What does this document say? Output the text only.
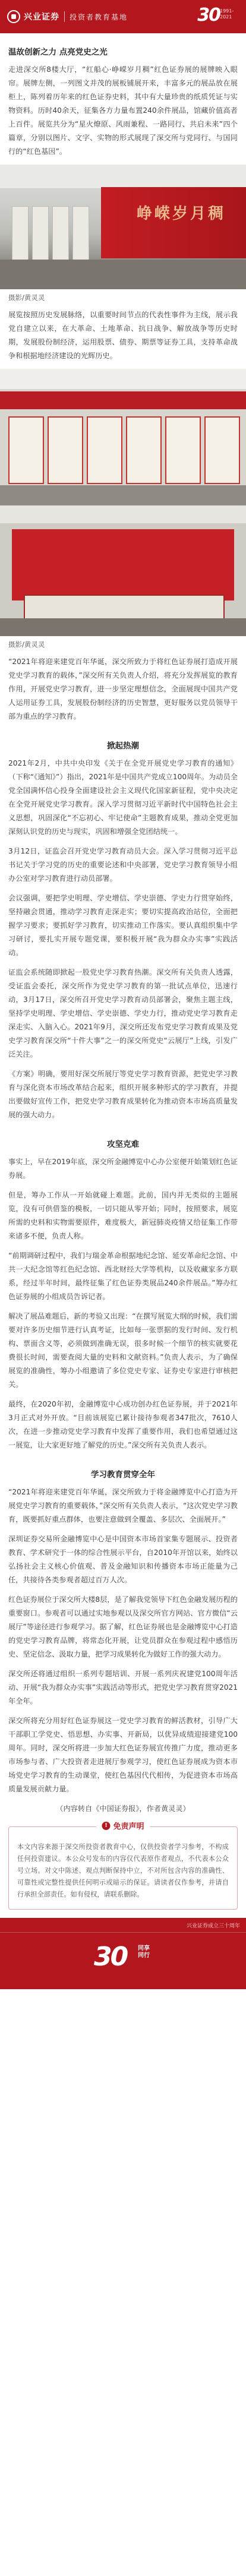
兴业证券 投资者教育基地	30 1991-2021
温故创新之力 点亮党史之光

走进深交所8楼大厅，“红船心·峥嵘岁月稠”红色证券展的展牌映入眼帘。展牌左侧，一列图文并茂的展板铺展开来，丰富多元的展品放在展柜上，陈列着历年来的红色证券史料，其中有大量珍贵的纸质凭证与实物资料。历时40余天，征集各方力量布置240余件展品，馆藏价值高者上百件。展览共分为“星火燎原、风雨兼程、一路同行、共启未来”四个篇章，分别以图片、文字、实物的形式展现了深交所与党同行、与国同行的“红色基因”。

峥嵘岁月稠
摄影/黄灵灵

展览按照历史发展脉络，以重要时间节点的代表性事件为主线，展示我党自建立以来，在大革命、土地革命、抗日战争、解放战争等历史时期，发展股份制经济，运用股票、债券、期票等证券工具，支持革命战争和根据地经济建设的光辉历史。

摄影/黄灵灵

“2021年将迎来建党百年华诞，深交所致力于将红色证券展打造成开展党史学习教育的载体，”深交所有关负责人介绍，将充分发挥展览的教育作用，开展党史学习教育，进一步坚定理想信念，全面展现中国共产党人运用证券工具，发展股份制经济的历史智慧，更好服务以党员领导干部为重点的学习教育。

掀起热潮

2021年2月，中共中央印发《关于在全党开展党史学习教育的通知》（下称“《通知》”）指出，2021年是中国共产党成立100周年。为动员全党全国满怀信心投身全面建设社会主义现代化国家新征程，党中央决定在全党开展党史学习教育。深入学习贯彻习近平新时代中国特色社会主义思想，巩固深化“不忘初心、牢记使命”主题教育成果，推动全党更加深刻认识党的历史与现实，巩固和增强全党团结统一。

3月12日，证监会召开党史学习教育动员大会。深入学习贯彻习近平总书记关于学习党的历史的重要论述和中央部署，党史学习教育领导小组办公室对学习教育进行动员部署。

会议强调，要把学史明理、学史增信、学史崇德、学史力行贯穿始终，坚持融会贯通，推动学习教育走深走实；要切实提高政治站位，全面把握学习要求；要抓好学习教育，切实推动工作落实。要认真组织集中学习研讨，要扎实开展专题党课，要积极开展“我为群众办实事”实践活动。

证监会系统随即掀起一股党史学习教育热潮。深交所有关负责人透露，受证监会委托，深交所作为党史学习教育的第一批试点单位，迅速行动，3月17日，深交所召开党史学习教育动员部署会，聚焦主题主线，坚持学史明理、学史增信、学史崇德、学史力行，推动党史学习教育走深走实、入脑入心。2021年9月，深交所还发布党史学习教育成果及党史学习教育深交所“十件大事”之一的深交所党史“云展厅”上线，引发广泛关注。

《方案》明确，要用好深交所展厅等党史学习教育资源，把党史学习教育与深化资本市场改革结合起来，组织开展多种形式的学习教育，并提出要做好宣传工作，把党史学习教育成果转化为推动资本市场高质量发展的强大动力。

攻坚克难

事实上，早在2019年底，深交所金融博览中心办公室便开始策划红色证券展。

但是，筹办工作从一开始就碰上难题。此前，国内并无类似的主题展览，没有可供借鉴的模板，一切只能从零开始；同时，按照要求，展览所需的史料和实物需要原件，难度极大，新冠肺炎疫情又给征集工作带来诸多不便，负责人称。

“前期调研过程中，我们与瑞金革命根据地纪念馆、延安革命纪念馆、中共一大纪念馆等红色纪念馆、西北财经大学等机构，以及收藏家多方联系，经过半年时间，最终征集了红色证券类展品240余件展品。”筹办红色证券展的小组成员告诉记者。

解决了展品难题后，新的考验又出现：“在撰写展览大纲的时候，我们需要对许多历史细节进行认真考证，比如每一张票据的发行时间、发行机构、票面含义等，必须做到准确无误，很多时候一个细节的核实就要花费很长时间，需要查阅大量的史料和文献资料。”负责人表示，为了确保展览的准确性，筹办小组邀请了多位党史专家、证券史专家进行审核把关。

最终，在2020年初，金融博览中心成功创办红色证券展，并于2021年3月正式对外开放。“目前该展览已累计接待参观者347批次，7610人次，在进一步推动党史学习教育中发挥了重要作用，我们也希望通过这一展览，让大家更好地了解党的历史。”深交所有关负责人表示。

学习教育贯穿全年

“2021年将迎来建党百年华诞，深交所致力于将金融博览中心打造为开展党史学习教育的重要载体，”深交所有关负责人表示，“这次党史学习教育，既要抓好重点群体，也要注意做到全覆盖、多层次、全面展开。”

深圳证券交易所金融博览中心是中国资本市场首家集专题展示、投资者教育、学术研究于一体的综合性展示平台，自2010年开馆以来，始终以弘扬社会主义核心价值观、普及金融知识和传播资本市场正能量为己任，共接待各类参观者超过百万人次。

红色证券展位于深交所大楼8层，是了解我党领导下红色金融发展历程的重要窗口。参观者可以通过实地参观以及深交所官方网站、官方微信“云展厅”等途径进行参观学习。据了解，红色证券展也是金融博览中心打造的党史学习教育品牌，将常态化开展，让党员群众在参观过程中感悟历史、坚定信念、汲取力量，把学习成果转化为做好工作的强大动力。

深交所还将通过组织一系列专题培训、开展一系列庆祝建党100周年活动、开展“我为群众办实事”实践活动等形式，把党史学习教育贯穿2021年全年。

深交所将充分用好红色证券展这一党史学习教育的鲜活教材，引导广大干部职工学党史、悟思想、办实事、开新局，以优异成绩迎接建党100周年。同时，深交所将进一步加大红色证券展宣传推广力度，推动更多市场参与者、广大投资者走进展厅参观学习，使红色证券展成为资本市场党史学习教育的生动课堂，使红色基因代代相传，为促进资本市场高质量发展贡献力量。

（内容转自《中国证券报》，作者黄灵灵）

! 免责声明

本文内容来源于深交所投资者教育中心，仅供投资者学习参考，不构成任何投资建议。本公众号发布的内容仅代表原作者观点，不代表本公众号立场。对文中陈述、观点判断保持中立，不对所包含内容的准确性、可靠性或完整性提供任何明示或暗示的保证。请读者仅作参考，并请自行承担全部责任。如有侵权，请联系删除。

兴业证券成立三十周年
30 同享
同行
